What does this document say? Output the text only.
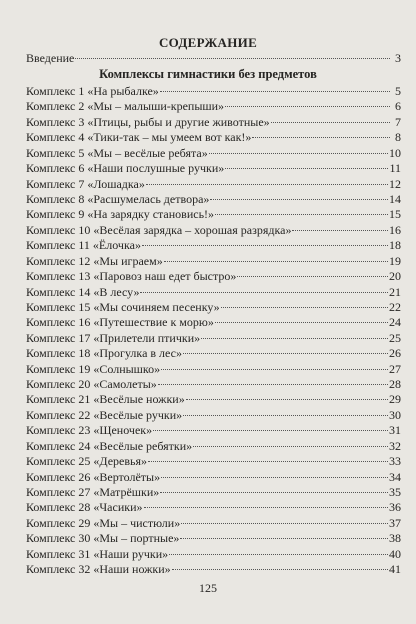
СОДЕРЖАНИЕ
Введение	3
Комплексы гимнастики без предметов
Комплекс 1 «На рыбалке»	5
Комплекс 2 «Мы – малыши-крепыши»	6
Комплекс 3 «Птицы, рыбы и другие животные»	7
Комплекс 4 «Тики-так – мы умеем вот как!»	8
Комплекс 5 «Мы – весёлые ребята»	10
Комплекс 6 «Наши послушные ручки»	11
Комплекс 7 «Лошадка»	12
Комплекс 8 «Расшумелась детвора»	14
Комплекс 9 «На зарядку становись!»	15
Комплекс 10 «Весёлая зарядка – хорошая разрядка»	16
Комплекс 11 «Ёлочка»	18
Комплекс 12 «Мы играем»	19
Комплекс 13 «Паровоз наш едет быстро»	20
Комплекс 14 «В лесу»	21
Комплекс 15 «Мы сочиняем песенку»	22
Комплекс 16 «Путешествие к морю»	24
Комплекс 17 «Прилетели птички»	25
Комплекс 18 «Прогулка в лес»	26
Комплекс 19 «Солнышко»	27
Комплекс 20 «Самолеты»	28
Комплекс 21 «Весёлые ножки»	29
Комплекс 22 «Весёлые ручки»	30
Комплекс 23 «Щеночек»	31
Комплекс 24 «Весёлые ребятки»	32
Комплекс 25 «Деревья»	33
Комплекс 26 «Вертолёты»	34
Комплекс 27 «Матрёшки»	35
Комплекс 28 «Часики»	36
Комплекс 29 «Мы – чистюли»	37
Комплекс 30 «Мы – портные»	38
Комплекс 31 «Наши ручки»	40
Комплекс 32 «Наши ножки»	41
125
